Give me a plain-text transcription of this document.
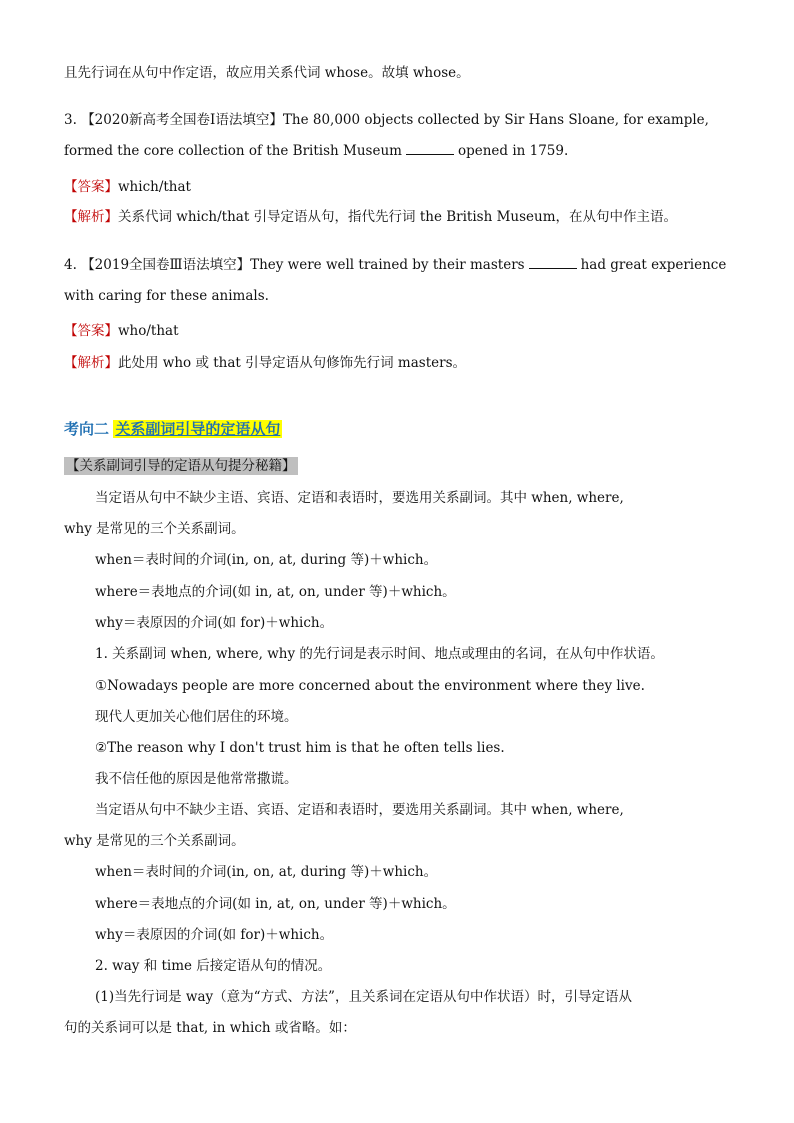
且先行词在从句中作定语，故应用关系代词 whose。故填 whose。
3. 【2020新高考全国卷Ⅰ语法填空】The 80,000 objects collected by Sir Hans Sloane, for example,
formed the core collection of the British Museum	opened in 1759.
【答案】which/that
【解析】关系代词 which/that 引导定语从句，指代先行词 the British Museum，在从句中作主语。
4. 【2019全国卷Ⅲ语法填空】They were well trained by their masters	had great experience
with caring for these animals.
【答案】who/that
【解析】此处用 who 或 that 引导定语从句修饰先行词 masters。
考向二 关系副词引导的定语从句
【关系副词引导的定语从句提分秘籍】
当定语从句中不缺少主语、宾语、定语和表语时，要选用关系副词。其中 when, where,
why 是常见的三个关系副词。
when＝表时间的介词(in, on, at, during 等)＋which。
where＝表地点的介词(如 in, at, on, under 等)＋which。
why＝表原因的介词(如 for)＋which。
1. 关系副词 when, where, why 的先行词是表示时间、地点或理由的名词，在从句中作状语。
①Nowadays people are more concerned about the environment where they live.
现代人更加关心他们居住的环境。
②The reason why I don't trust him is that he often tells lies.
我不信任他的原因是他常常撒谎。
当定语从句中不缺少主语、宾语、定语和表语时，要选用关系副词。其中 when, where,
why 是常见的三个关系副词。
when＝表时间的介词(in, on, at, during 等)＋which。
where＝表地点的介词(如 in, at, on, under 等)＋which。
why＝表原因的介词(如 for)＋which。
2. way 和 time 后接定语从句的情况。
(1)当先行词是 way（意为“方式、方法”，且关系词在定语从句中作状语）时，引导定语从
句的关系词可以是 that, in which 或省略。如：
